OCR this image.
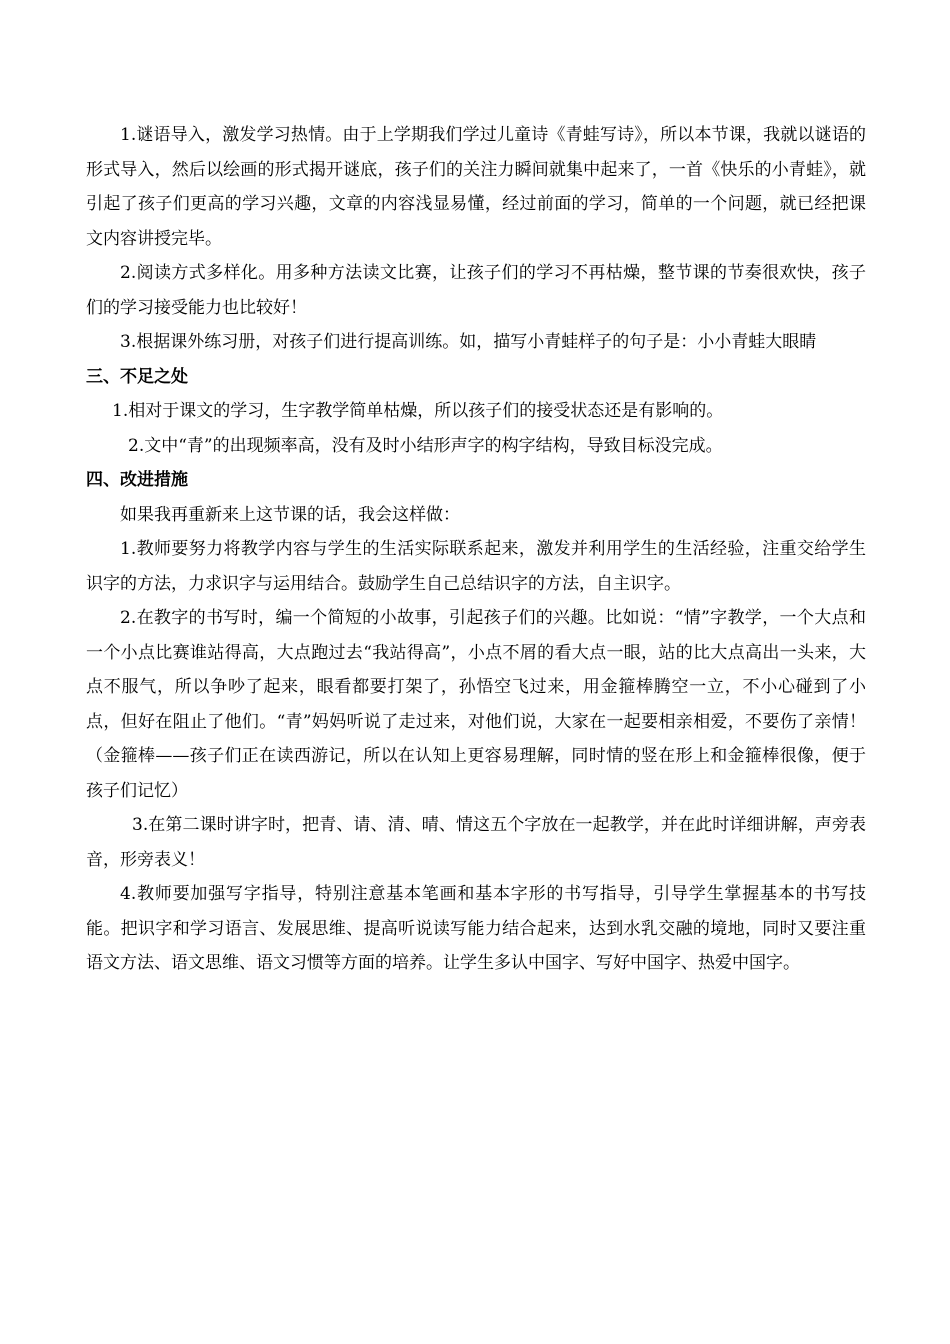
1.谜语导入，激发学习热情。由于上学期我们学过儿童诗《青蛙写诗》，所以本节课，我就以谜语的形式导入，然后以绘画的形式揭开谜底，孩子们的关注力瞬间就集中起来了，一首《快乐的小青蛙》，就引起了孩子们更高的学习兴趣，文章的内容浅显易懂，经过前面的学习，简单的一个问题，就已经把课文内容讲授完毕。

2.阅读方式多样化。用多种方法读文比赛，让孩子们的学习不再枯燥，整节课的节奏很欢快，孩子们的学习接受能力也比较好！

3.根据课外练习册，对孩子们进行提高训练。如，描写小青蛙样子的句子是：小小青蛙大眼睛

三、不足之处

1.相对于课文的学习，生字教学简单枯燥，所以孩子们的接受状态还是有影响的。

2.文中“青”的出现频率高，没有及时小结形声字的构字结构，导致目标没完成。

四、改进措施

如果我再重新来上这节课的话，我会这样做：

1.教师要努力将教学内容与学生的生活实际联系起来，激发并利用学生的生活经验，注重交给学生识字的方法，力求识字与运用结合。鼓励学生自己总结识字的方法，自主识字。

2.在教字的书写时，编一个简短的小故事，引起孩子们的兴趣。比如说：“情”字教学，一个大点和一个小点比赛谁站得高，大点跑过去“我站得高”，小点不屑的看大点一眼，站的比大点高出一头来，大点不服气，所以争吵了起来，眼看都要打架了，孙悟空飞过来，用金箍棒腾空一立，不小心碰到了小点，但好在阻止了他们。“青”妈妈听说了走过来，对他们说，大家在一起要相亲相爱，不要伤了亲情！（金箍棒——孩子们正在读西游记，所以在认知上更容易理解，同时情的竖在形上和金箍棒很像，便于孩子们记忆）

3.在第二课时讲字时，把青、请、清、晴、情这五个字放在一起教学，并在此时详细讲解，声旁表音，形旁表义！

4.教师要加强写字指导，特别注意基本笔画和基本字形的书写指导，引导学生掌握基本的书写技能。把识字和学习语言、发展思维、提高听说读写能力结合起来，达到水乳交融的境地，同时又要注重语文方法、语文思维、语文习惯等方面的培养。让学生多认中国字、写好中国字、热爱中国字。
